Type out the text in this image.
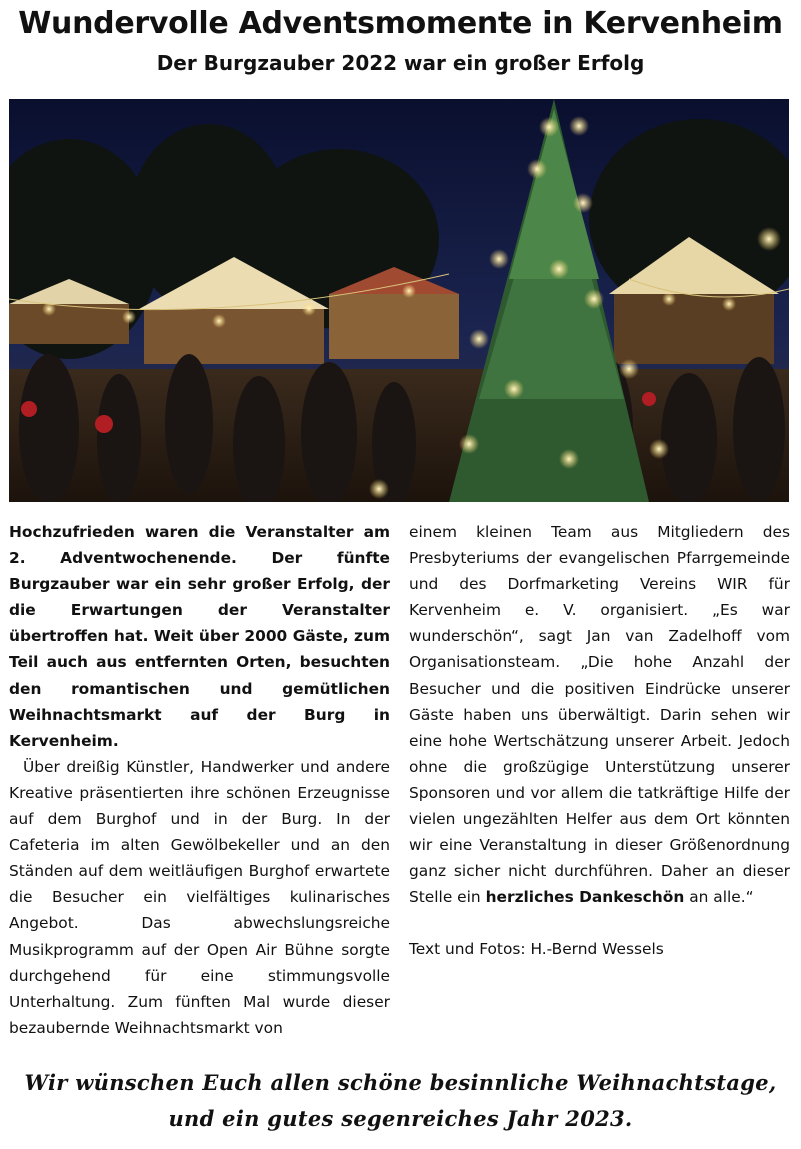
Wundervolle Adventsmomente in Kervenheim
Der Burgzauber 2022 war ein großer Erfolg

Hochzufrieden waren die Veranstalter am 2. Adventwochenende. Der fünfte Burgzauber war ein sehr großer Erfolg, der die Erwartungen der Veranstalter übertroffen hat. Weit über 2000 Gäste, zum Teil auch aus entfernten Orten, besuchten den romantischen und gemütlichen Weihnachtsmarkt auf der Burg in Kervenheim.

Über dreißig Künstler, Handwerker und andere Kreative präsentierten ihre schönen Erzeugnisse auf dem Burghof und in der Burg. In der Cafeteria im alten Gewölbekeller und an den Ständen auf dem weitläufigen Burghof erwartete die Besucher ein vielfältiges kulinarisches Angebot. Das abwechslungsreiche Musikprogramm auf der Open Air Bühne sorgte durchgehend für eine stimmungsvolle Unterhaltung. Zum fünften Mal wurde dieser bezaubernde Weihnachtsmarkt von

einem kleinen Team aus Mitgliedern des Presbyteriums der evangelischen Pfarrgemeinde und des Dorfmarketing Vereins WIR für Kervenheim e. V. organisiert. „Es war wunderschön“, sagt Jan van Zadelhoff vom Organisationsteam. „Die hohe Anzahl der Besucher und die positiven Eindrücke unserer Gäste haben uns überwältigt. Darin sehen wir eine hohe Wertschätzung unserer Arbeit. Jedoch ohne die großzügige Unterstützung unserer Sponsoren und vor allem die tatkräftige Hilfe der vielen ungezählten Helfer aus dem Ort könnten wir eine Veranstaltung in dieser Größenordnung ganz sicher nicht durchführen. Daher an dieser Stelle ein herzliches Dankeschön an alle.“

Text und Fotos: H.-Bernd Wessels

Wir wünschen Euch allen schöne besinnliche Weihnachtstage,

und ein gutes segenreiches Jahr 2023.
